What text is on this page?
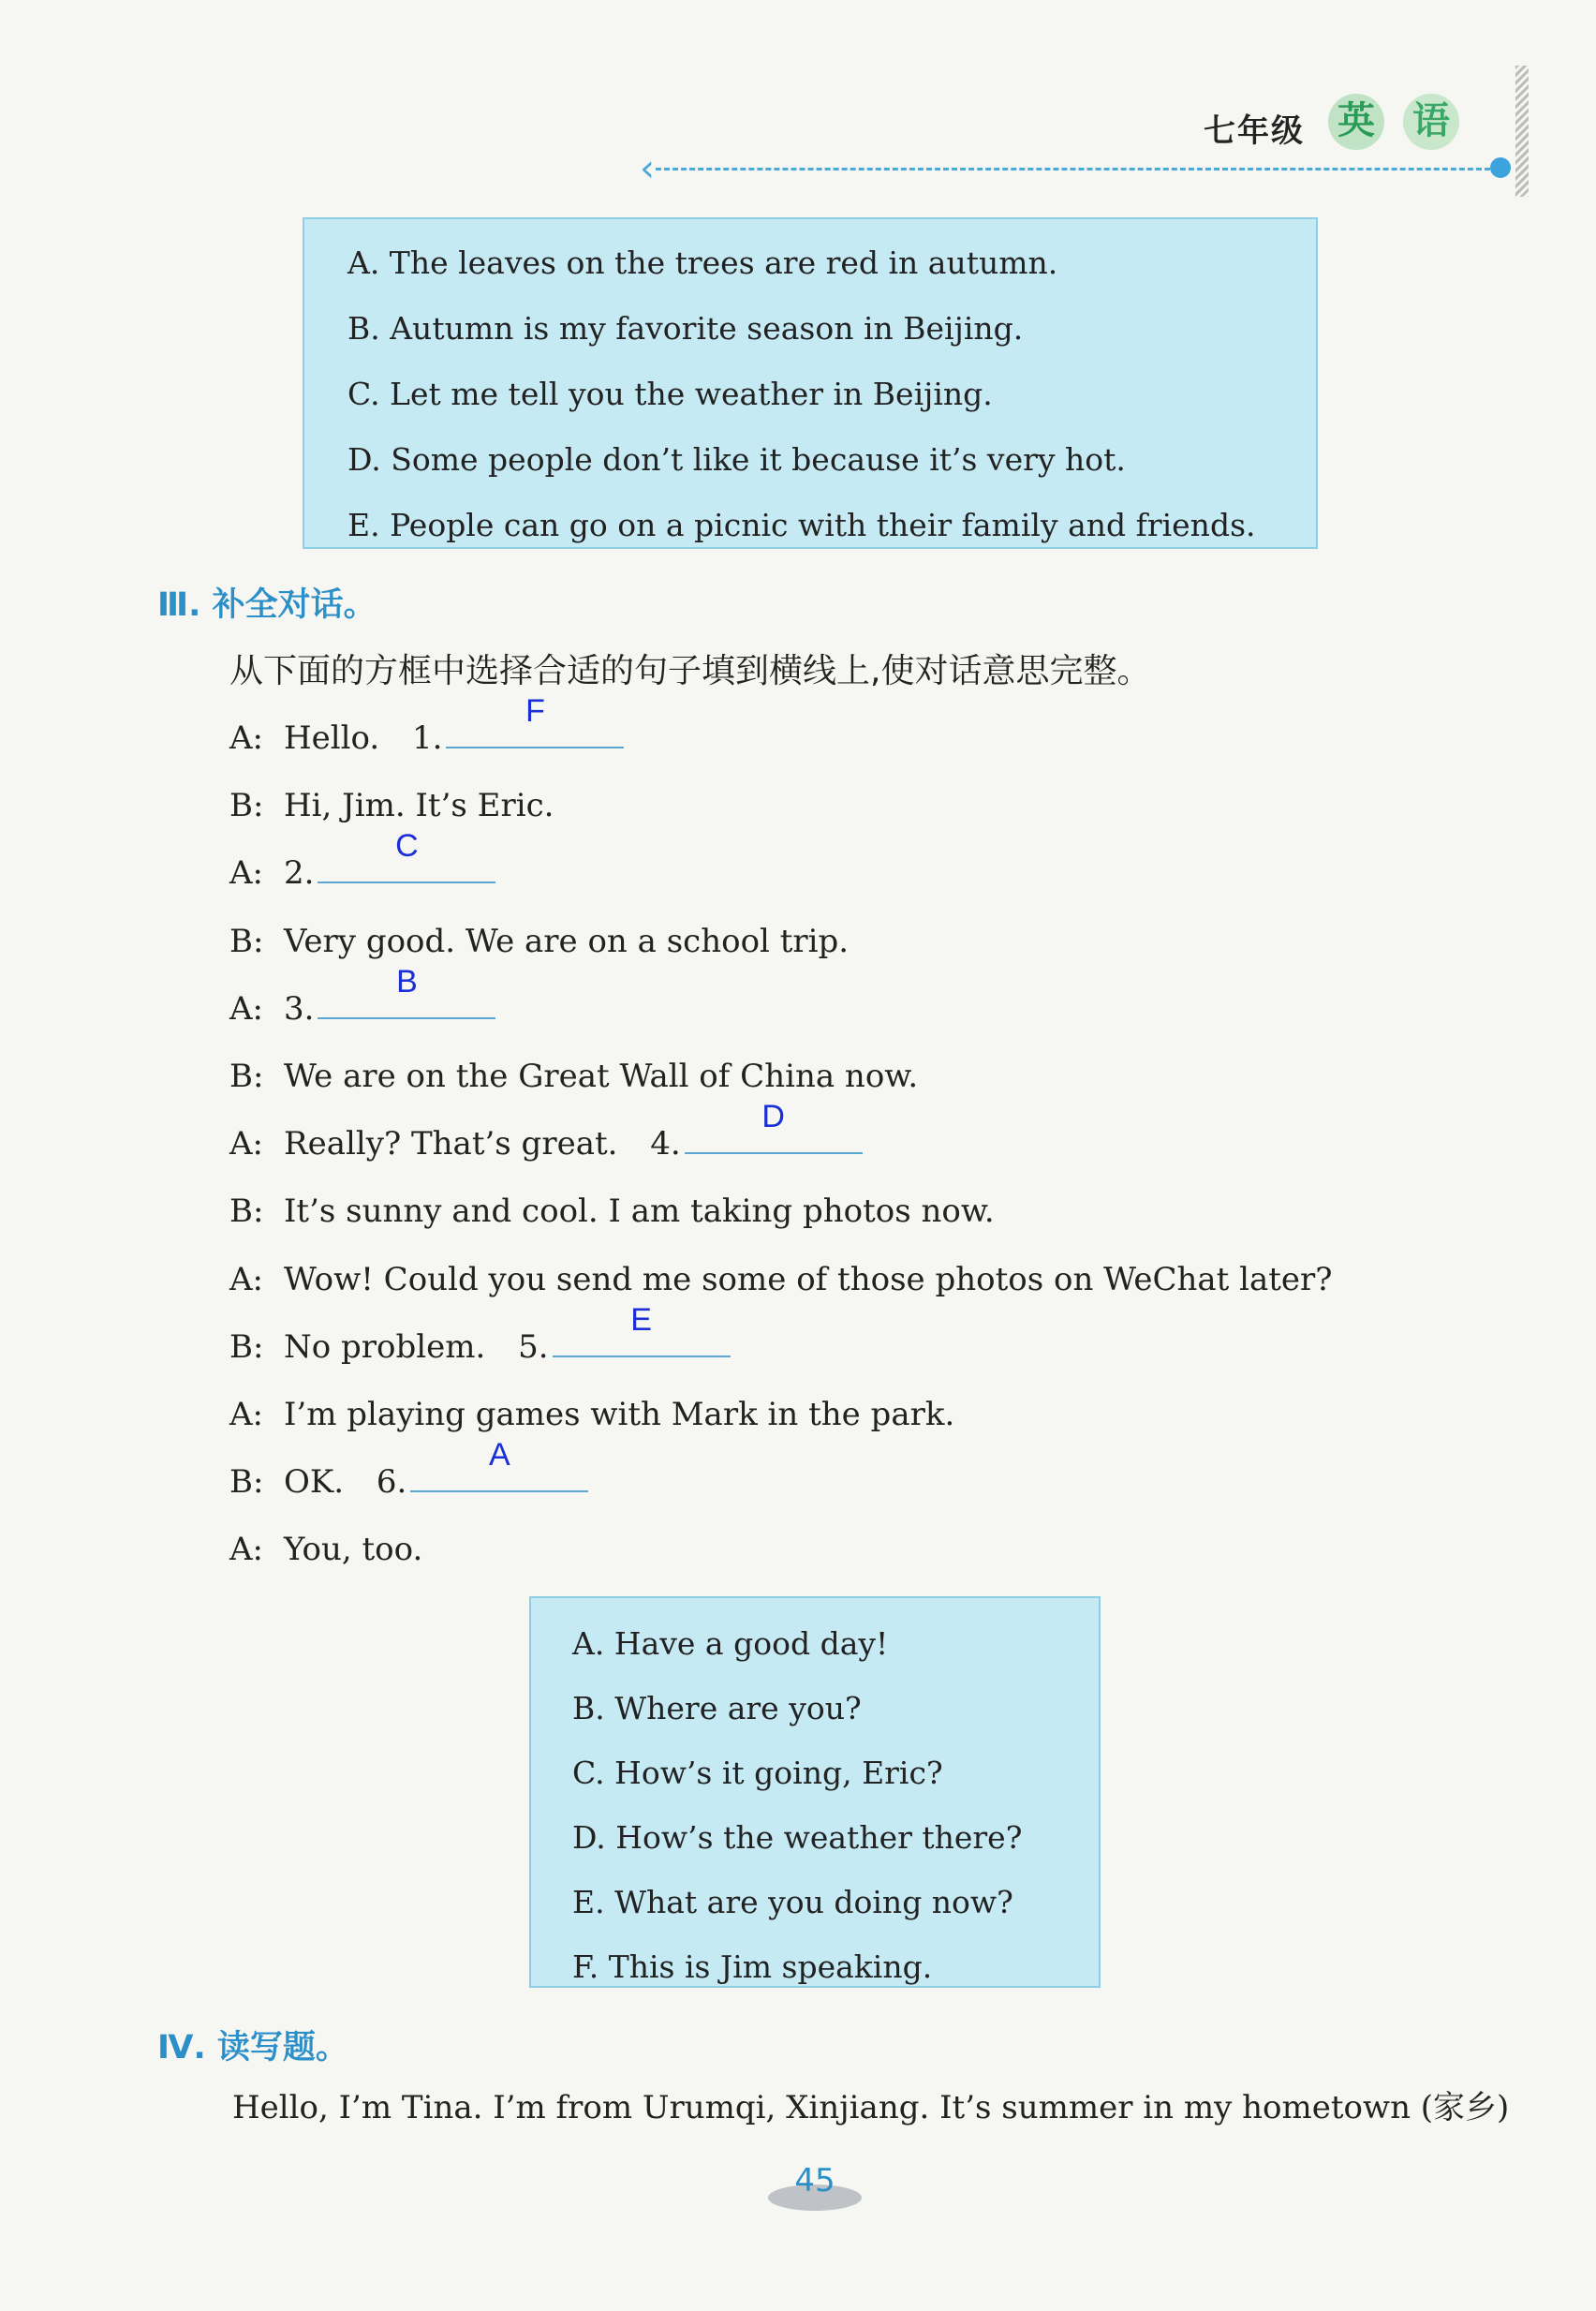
七年级 英 语
‹
A. The leaves on the trees are red in autumn.
B. Autumn is my favorite season in Beijing.
C. Let me tell you the weather in Beijing.
D. Some people don’t like it because it’s very hot.
E. People can go on a picnic with their family and friends.
Ⅲ. 补全对话。
从下面的方框中选择合适的句子填到横线上,使对话意思完整。
A: Hello. 1.
F
B: Hi, Jim. It’s Eric.
A: 2.
C
B: Very good. We are on a school trip.
A: 3.
B
B: We are on the Great Wall of China now.
A: Really? That’s great. 4.
D
B: It’s sunny and cool. I am taking photos now.
A: Wow! Could you send me some of those photos on WeChat later?
B: No problem. 5.
E
A: I’m playing games with Mark in the park.
B: OK. 6.
A
A: You, too.
A. Have a good day!
B. Where are you?
C. How’s it going, Eric?
D. How’s the weather there?
E. What are you doing now?
F. This is Jim speaking.
Ⅳ. 读写题。
Hello, I’m Tina. I’m from Urumqi, Xinjiang. It’s summer in my hometown (家乡)
45
